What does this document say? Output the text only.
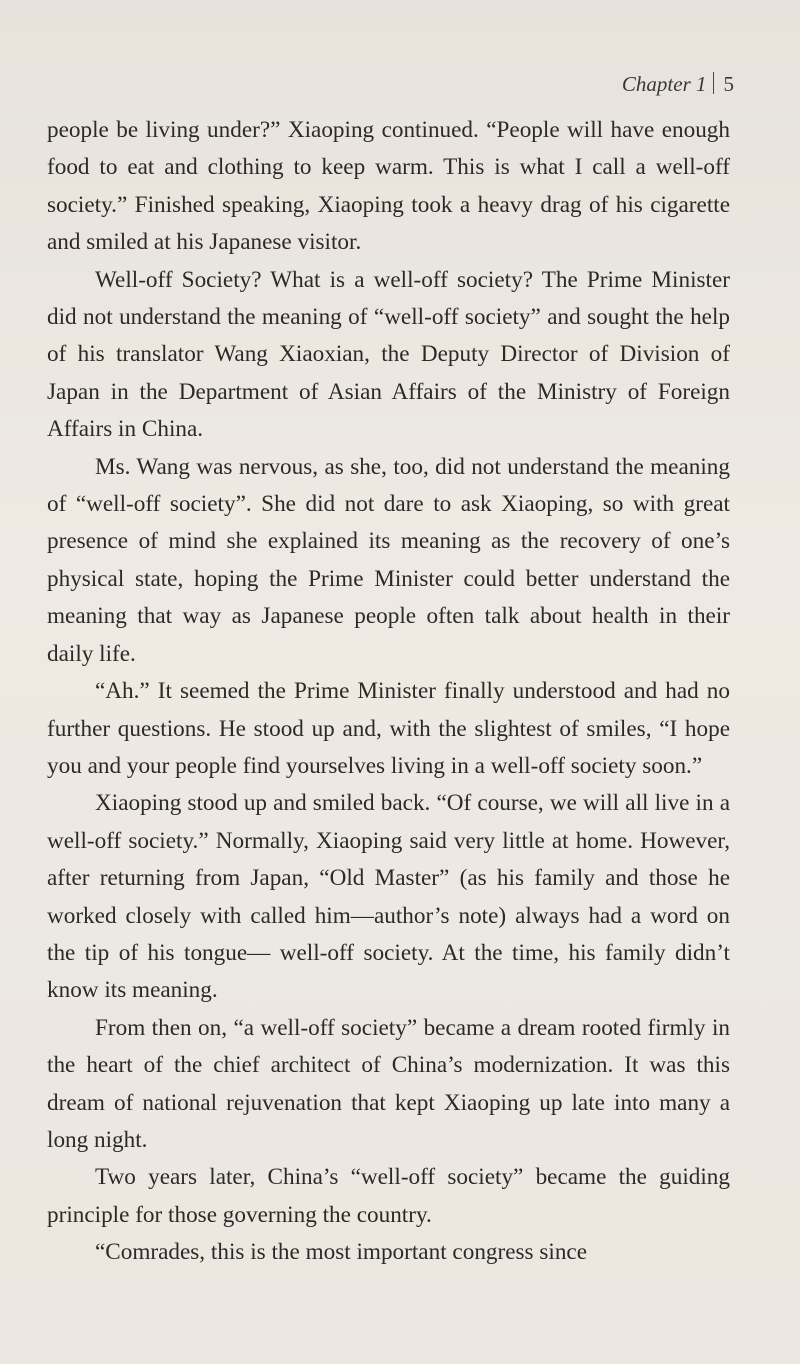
Chapter 1 5

people be living under?” Xiaoping continued. “People will have enough food to eat and clothing to keep warm. This is what I call a well-off society.” Finished speaking, Xiaoping took a heavy drag of his cigarette and smiled at his Japanese visitor.

Well-off Society? What is a well-off society? The Prime Minister did not understand the meaning of “well-off society” and sought the help of his translator Wang Xiaoxian, the Deputy Director of Division of Japan in the Department of Asian Affairs of the Ministry of Foreign Affairs in China.

Ms. Wang was nervous, as she, too, did not understand the meaning of “well-off society”. She did not dare to ask Xiaoping, so with great presence of mind she explained its meaning as the recovery of one’s physical state, hoping the Prime Minister could better understand the meaning that way as Japanese people often talk about health in their daily life.

“Ah.” It seemed the Prime Minister finally understood and had no further questions. He stood up and, with the slightest of smiles, “I hope you and your people find yourselves living in a well-off society soon.”

Xiaoping stood up and smiled back. “Of course, we will all live in a well-off society.” Normally, Xiaoping said very little at home. However, after returning from Japan, “Old Master” (as his family and those he worked closely with called him—author’s note) always had a word on the tip of his tongue— well-off society. At the time, his family didn’t know its meaning.

From then on, “a well-off society” became a dream rooted firmly in the heart of the chief architect of China’s modernization. It was this dream of national rejuvenation that kept Xiaoping up late into many a long night.

Two years later, China’s “well-off society” became the guiding principle for those governing the country.

“Comrades, this is the most important congress since
